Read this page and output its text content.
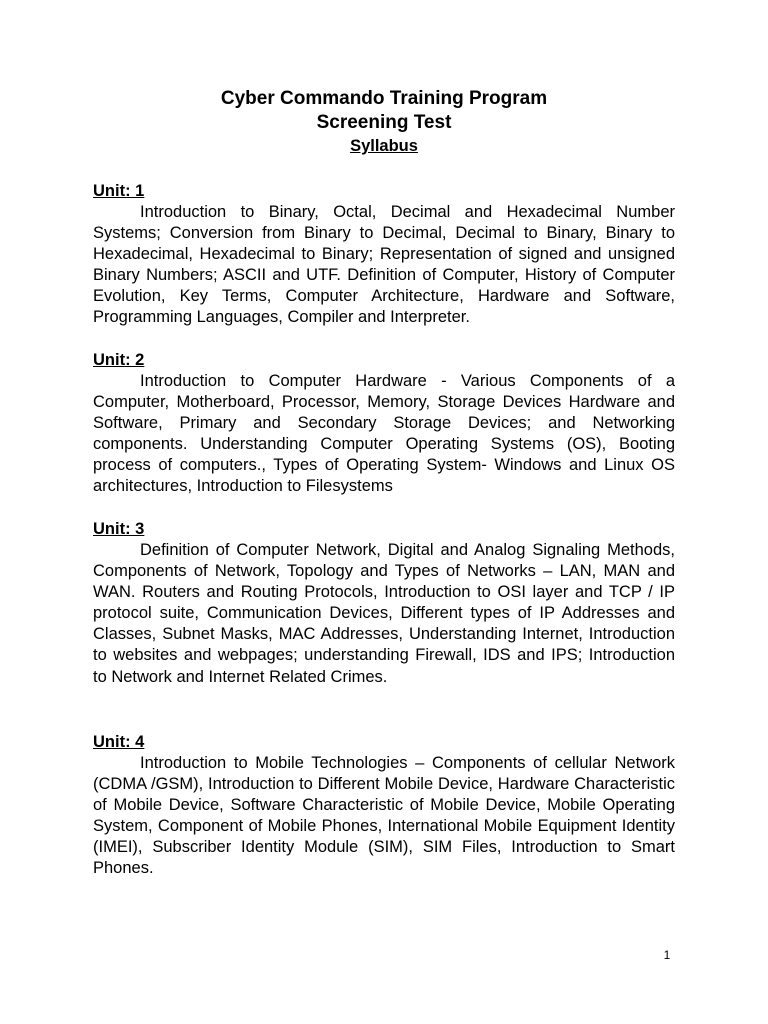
Cyber Commando Training Program
Screening Test
Syllabus

Unit: 1

Introduction to Binary, Octal, Decimal and Hexadecimal Number Systems; Conversion from Binary to Decimal, Decimal to Binary, Binary to Hexadecimal, Hexadecimal to Binary; Representation of signed and unsigned Binary Numbers; ASCII and UTF. Definition of Computer, History of Computer Evolution, Key Terms, Computer Architecture, Hardware and Software, Programming Languages, Compiler and Interpreter.

Unit: 2

Introduction to Computer Hardware - Various Components of a Computer, Motherboard, Processor, Memory, Storage Devices Hardware and Software, Primary and Secondary Storage Devices; and Networking components. Understanding Computer Operating Systems (OS), Booting process of computers., Types of Operating System- Windows and Linux OS architectures, Introduction to Filesystems

Unit: 3

Definition of Computer Network, Digital and Analog Signaling Methods, Components of Network, Topology and Types of Networks – LAN, MAN and WAN. Routers and Routing Protocols, Introduction to OSI layer and TCP / IP protocol suite, Communication Devices, Different types of IP Addresses and Classes, Subnet Masks, MAC Addresses, Understanding Internet, Introduction to websites and webpages; understanding Firewall, IDS and IPS; Introduction to Network and Internet Related Crimes.

Unit: 4

Introduction to Mobile Technologies – Components of cellular Network (CDMA /GSM), Introduction to Different Mobile Device, Hardware Characteristic of Mobile Device, Software Characteristic of Mobile Device, Mobile Operating System, Component of Mobile Phones, International Mobile Equipment Identity (IMEI), Subscriber Identity Module (SIM), SIM Files, Introduction to Smart Phones.

1
